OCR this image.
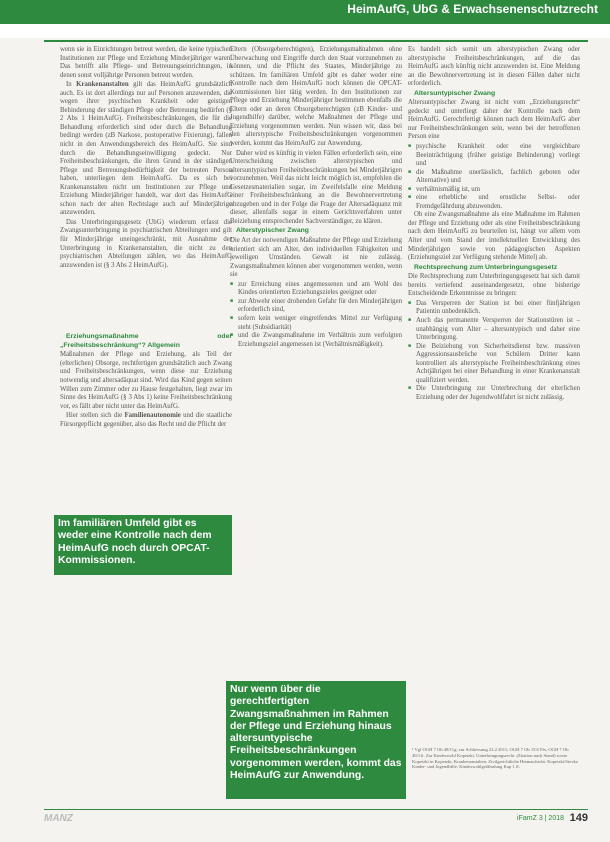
HeimAufG, UbG & Erwachsenenschutzrecht

wenn sie in Einrichtungen betreut werden, die keine typischen Institutionen zur Pflege und Erziehung Minderjähriger waren. Das betrifft alle Pflege- und Betreuungseinrichtungen, in denen sonst volljährige Personen betreut werden.

In Krankenanstalten gilt das HeimAufG grundsätzlich auch. Es ist dort allerdings nur auf Personen anzuwenden, die wegen ihrer psychischen Krankheit oder geistigen Behinderung der ständigen Pflege oder Betreuung bedürfen (§ 2 Abs 1 HeimAufG). Freiheitsbeschränkungen, die für die Behandlung erforderlich sind oder durch die Behandlung bedingt werden (zB Narkose, postoperative Fixierung), fallen nicht in den Anwendungsbereich des HeimAufG. Sie sind durch die Behandlungseinwilligung gedeckt. Nur Freiheitsbeschränkungen, die ihren Grund in der ständigen Pflege und Betreuungsbedürftigkeit der betreuten Person haben, unterliegen dem HeimAufG. Da es sich bei Krankenanstalten nicht um Institutionen zur Pflege und Erziehung Minderjähriger handelt, war dort das HeimAufG schon nach der alten Rechtslage auch auf Minderjährige anzuwenden.

Das Unterbringungsgesetz (UbG) wiederum erfasst die Zwangsunterbringung in psychiatrischen Abteilungen und gilt für Minderjährige uneingeschränkt, mit Ausnahme der Unterbringung in Krankenanstalten, die nicht zu den psychiatrischen Abteilungen zählen, wo das HeimAufG anzuwenden ist (§ 3 Abs 2 HeimAufG).

Erziehungsmaßnahme oder „Freiheitsbeschränkung“? Allgemein

Maßnahmen der Pflege und Erziehung, als Teil der (elterlichen) Obsorge, rechtfertigen grundsätzlich auch Zwang und Freiheitsbeschränkungen, wenn diese zur Erziehung notwendig und altersadäquat sind. Wird das Kind gegen seinen Willen zum Zimmer oder zu Hause festgehalten, liegt zwar im Sinne des HeimAufG (§ 3 Abs 1) keine Freiheitsbeschränkung vor, es fällt aber nicht unter das HeimAufG.

Hier stellen sich die Familienautonomie und die staatliche Fürsorgepflicht gegenüber, also das Recht und die Pflicht der

Im familiären Umfeld gibt es weder eine Kontrolle nach dem HeimAufG noch durch OPCAT-Kommissionen.

Eltern (Obsorgeberechtigten), Erziehungsmaßnahmen ohne Überwachung und Eingriffe durch den Staat vorzunehmen zu können, und die Pflicht des Staates, Minderjährige zu schützen. Im familiären Umfeld gibt es daher weder eine Kontrolle nach dem HeimAufG noch können die OPCAT-Kommissionen hier tätig werden. In den Institutionen zur Pflege und Erziehung Minderjähriger bestimmen ebenfalls die Eltern oder an deren Obsorgeberechtigten (zB Kinder- und Jugendhilfe) darüber, welche Maßnahmen der Pflege und Erziehung vorgenommen werden. Nun wissen wir, dass bei den alterstypische Freiheitsbeschränkungen vorgenommen werden, kommt das HeimAufG zur Anwendung.

Daher wird es künftig in vielen Fällen erforderlich sein, eine Unterscheidung zwischen alterstypischen und altersuntypischen Freiheitsbeschränkungen bei Minderjährigen vorzunehmen. Weil das nicht leicht möglich ist, empfehlen die Gesetzesmaterialien sogar, im Zweifelsfalle eine Meldung einer Freiheitsbeschränkung an die Bewohnervertretung abzugeben und in der Folge die Frage der Altersadäquanz mit dieser, allenfalls sogar in einem Gerichtsverfahren unter Beiziehung entsprechender Sachverständiger, zu klären.

Alterstypischer Zwang

Die Art der notwendigen Maßnahme der Pflege und Erziehung orientiert sich am Alter, den individuellen Fähigkeiten und jeweiligen Umständen. Gewalt ist nie zulässig. Zwangsmaßnahmen können aber vorgenommen werden, wenn sie

■ zur Erreichung eines angemessenen und am Wohl des Kindes orientierten Erziehungszieles geeignet oder
■ zur Abwehr einer drohenden Gefahr für den Minderjährigen erforderlich sind,
■ sofern kein weniger eingreifendes Mittel zur Verfügung steht (Subsidiarität)
■ und die Zwangsmaßnahme im Verhältnis zum verfolgten Erziehungsziel angemessen ist (Verhältnismäßigkeit).
Nur wenn über die gerechtfertigten Zwangsmaßnahmen im Rahmen der Pflege und Erziehung hinaus altersuntypische Freiheitsbeschränkungen vorgenommen werden, kommt das HeimAufG zur Anwendung.

Es handelt sich somit um alterstypischen Zwang oder alterstypische Freiheitsbeschränkungen, auf die das HeimAufG auch künftig nicht anzuwenden ist. Eine Meldung an die Bewohnervertretung ist in diesen Fällen daher nicht erforderlich.

Altersuntypischer Zwang

Altersuntypischer Zwang ist nicht vom „Erziehungsrecht“ gedeckt und unterliegt daher der Kontrolle nach dem HeimAufG. Gerechtfertigt können nach dem HeimAufG aber nur Freiheitsbeschränkungen sein, wenn bei der betroffenen Person eine

■ psychische Krankheit oder eine vergleichbare Beeinträchtigung (früher geistige Behinderung) vorliegt und
■ die Maßnahme unerlässlich, fachlich geboten oder Alternative) und
■ verhältnismäßig ist, um
■ eine erhebliche und ernstliche Selbst- oder Fremdgefährdung abzuwenden.

Ob eine Zwangsmaßnahme als eine Maßnahme im Rahmen der Pflege und Erziehung oder als eine Freiheitsbeschränkung nach dem HeimAufG zu beurteilen ist, hängt vor allem vom Alter und vom Stand der intellektuellen Entwicklung des Minderjährigen sowie von pädagogischen Aspekten (Erziehungsziel zur Verfügung stehende Mittel) ab.

Rechtsprechung zum Unterbringungsgesetz

Die Rechtsprechung zum Unterbringungsgesetz hat sich damit bereits vertiefend auseinandergesetzt, ohne bisherige Entscheidende Erkenntnisse zu bringen:

■ Das Versperren der Station ist bei einer fünfjährigen Patientin unbedenklich.
■ Auch das permanente Versperren der Stationstüren ist – unabhängig vom Alter – altersuntypisch und daher eine Unterbringung.
■ Die Beiziehung von Sicherheitsdienst bzw. massiven Aggressionsausbrüche von Schülern Dritter kann kontrolliert als alterstypische Freiheitsbeschränkung eines Achtjährigen bei einer Behandlung in einer Krankenanstalt qualifiziert werden.
■ Die Unterbringung zur Unterbrechung der elterlichen Erziehung oder der Jugendwohlfahrt ist nicht zulässig.
¹ Vgl OGH 7 Ob 48/11g; zur Schliessung 22.2.2011; OGH 7 Ob 153/19x; OGH 7 Ob 49/11t. Zur Kindeswohl Kopetzki, Unterbringungsrecht. (Zitation nach Stand) sowie Kopetzki in Kopetzki, Krankenanstalten, Zivilgerichtliche Heimaufsicht; Kopetzki/Stevko Kinder- und Jugendhilfe; Kindeswohlgefährdung Kap 1 ff.
MANZ	iFamZ 3 | 2018 149
